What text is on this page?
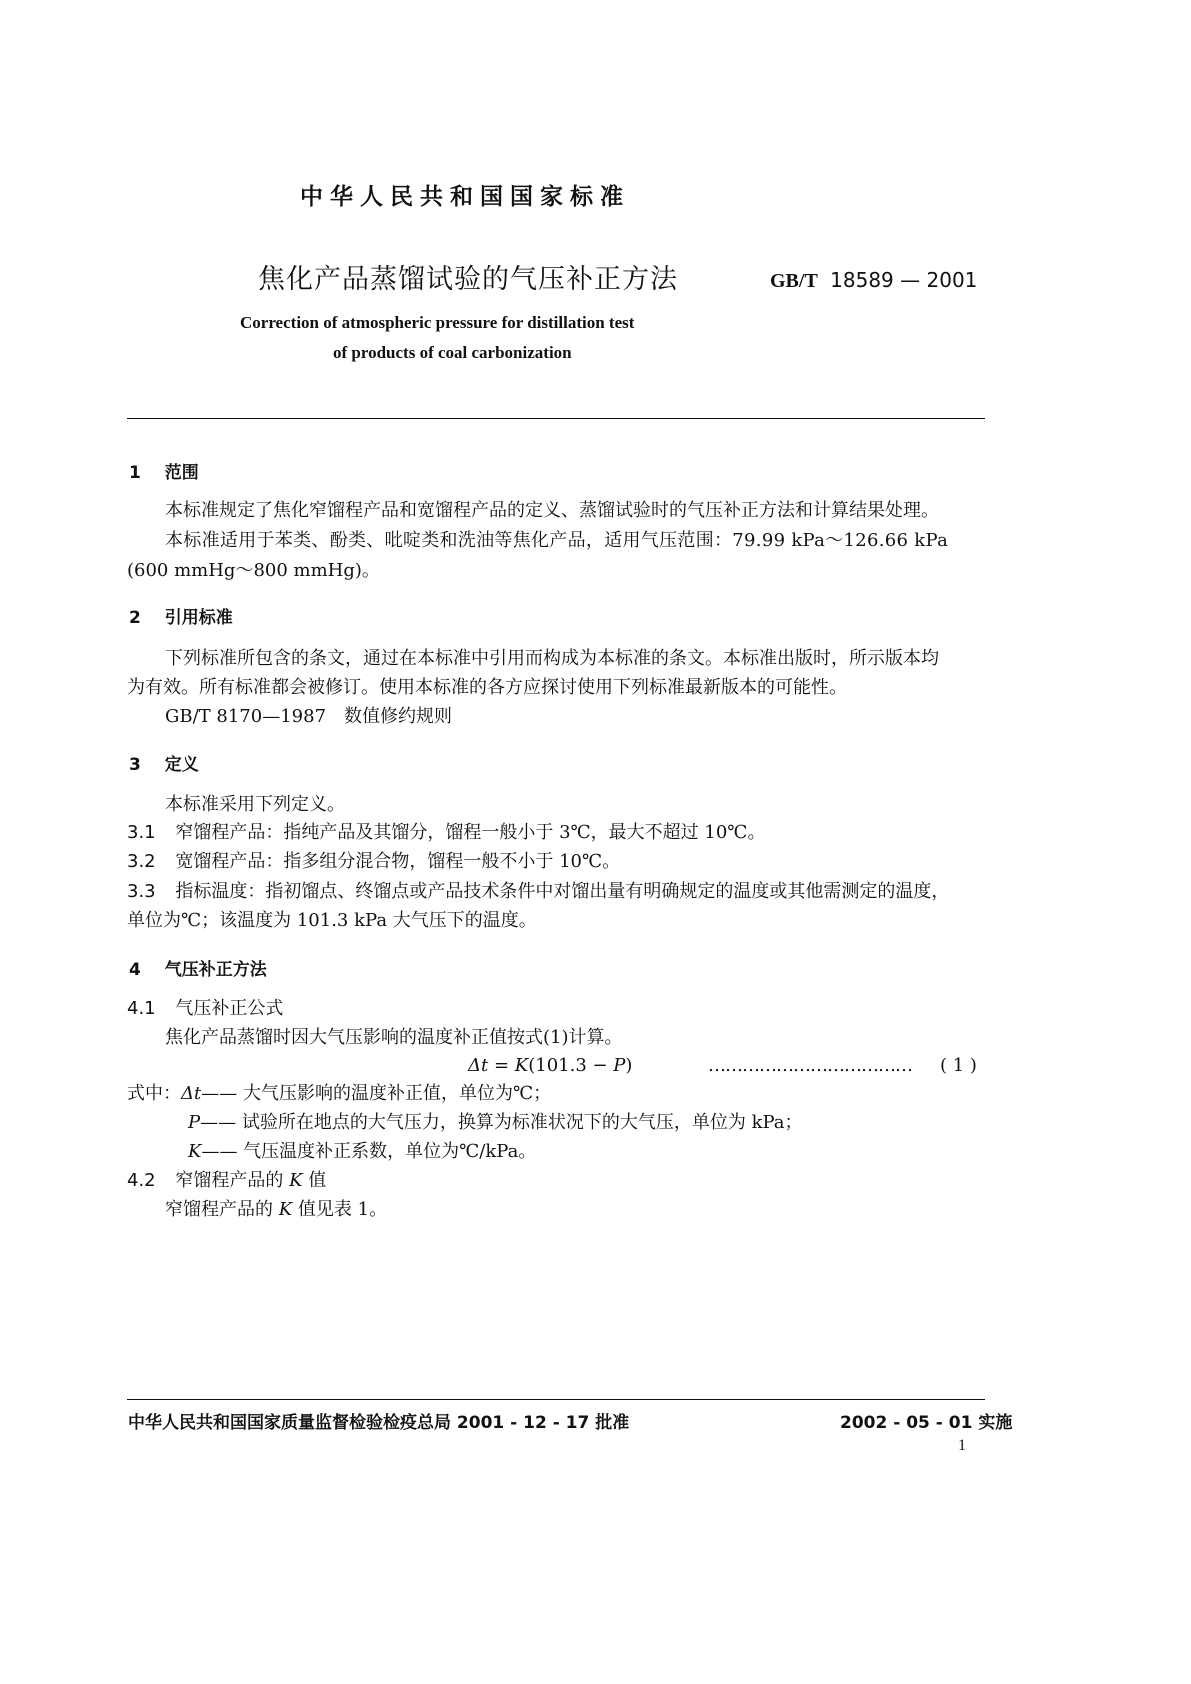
中华人民共和国国家标准
焦化产品蒸馏试验的气压补正方法	GB/T 18589 — 2001
Correction of atmospheric pressure for distillation test
of products of coal carbonization
1 范围
本标准规定了焦化窄馏程产品和宽馏程产品的定义、蒸馏试验时的气压补正方法和计算结果处理。
本标准适用于苯类、酚类、吡啶类和洗油等焦化产品，适用气压范围：79.99 kPa～126.66 kPa
(600 mmHg～800 mmHg)。
2 引用标准
下列标准所包含的条文，通过在本标准中引用而构成为本标准的条文。本标准出版时，所示版本均
为有效。所有标准都会被修订。使用本标准的各方应探讨使用下列标准最新版本的可能性。
GB/T 8170—1987　数值修约规则
3 定义
本标准采用下列定义。
3.1 窄馏程产品：指纯产品及其馏分，馏程一般小于 3℃，最大不超过 10℃。
3.2 宽馏程产品：指多组分混合物，馏程一般不小于 10℃。
3.3 指标温度：指初馏点、终馏点或产品技术条件中对馏出量有明确规定的温度或其他需测定的温度，
单位为℃；该温度为 101.3 kPa 大气压下的温度。
4 气压补正方法
4.1 气压补正公式
焦化产品蒸馏时因大气压影响的温度补正值按式(1)计算。
Δt = K(101.3 − P)	……………………………… ( 1 )
式中：Δt—— 大气压影响的温度补正值，单位为℃；
P—— 试验所在地点的大气压力，换算为标准状况下的大气压，单位为 kPa；
K—— 气压温度补正系数，单位为℃/kPa。
4.2 窄馏程产品的 K 值
窄馏程产品的 K 值见表 1。
中华人民共和国国家质量监督检验检疫总局 2001 - 12 - 17 批准	2002 - 05 - 01 实施
1
